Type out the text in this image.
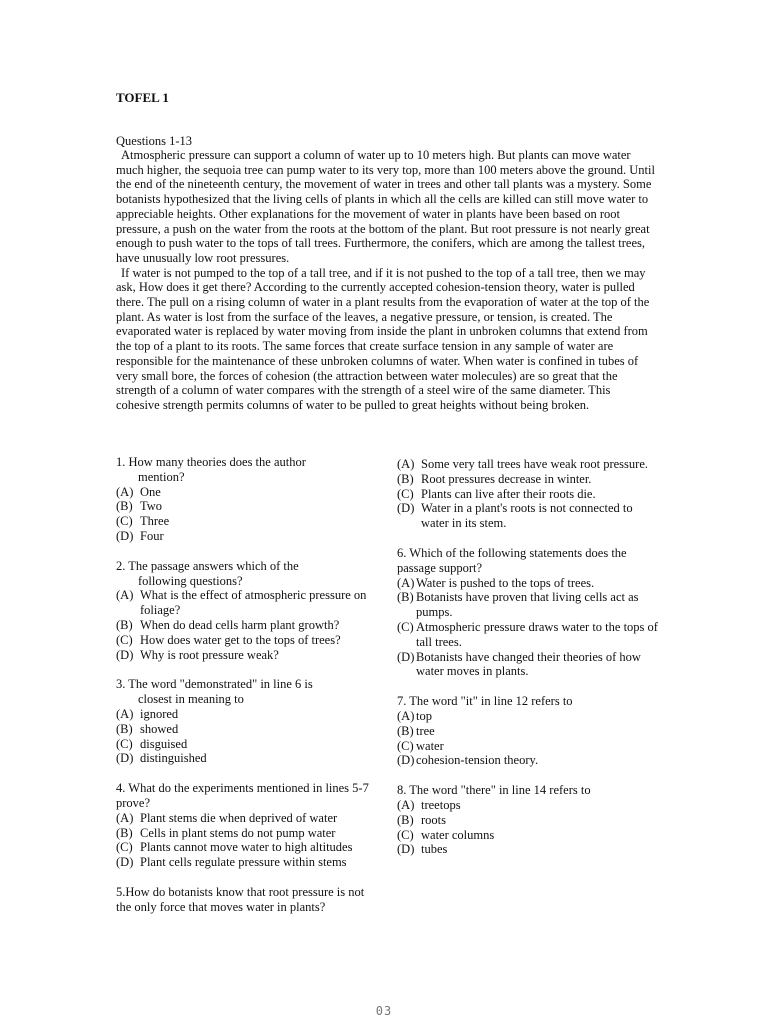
TOFEL 1
Questions 1-13

Atmospheric pressure can support a column of water up to 10 meters high. But plants can move water much higher, the sequoia tree can pump water to its very top, more than 100 meters above the ground. Until the end of the nineteenth century, the movement of water in trees and other tall plants was a mystery. Some botanists hypothesized that the living cells of plants in which all the cells are killed can still move water to appreciable heights. Other explanations for the movement of water in plants have been based on root pressure, a push on the water from the roots at the bottom of the plant. But root pressure is not nearly great enough to push water to the tops of tall trees. Furthermore, the conifers, which are among the tallest trees, have unusually low root pressures.

If water is not pumped to the top of a tall tree, and if it is not pushed to the top of a tall tree, then we may ask, How does it get there? According to the currently accepted cohesion-tension theory, water is pulled there. The pull on a rising column of water in a plant results from the evaporation of water at the top of the plant. As water is lost from the surface of the leaves, a negative pressure, or tension, is created. The evaporated water is replaced by water moving from inside the plant in unbroken columns that extend from the top of a plant to its roots. The same forces that create surface tension in any sample of water are responsible for the maintenance of these unbroken columns of water. When water is confined in tubes of very small bore, the forces of cohesion (the attraction between water molecules) are so great that the strength of a column of water compares with the strength of a steel wire of the same diameter. This cohesive strength permits columns of water to be pulled to great heights without being broken.

1. How many theories does the author
mention?
(A) One
(B) Two
(C) Three
(D) Four
2. The passage answers which of the
following questions?
(A) What is the effect of atmospheric pressure on foliage?
(B) When do dead cells harm plant growth?
(C) How does water get to the tops of trees?
(D) Why is root pressure weak?
3. The word "demonstrated" in line 6 is
closest in meaning to
(A) ignored
(B) showed
(C) disguised
(D) distinguished
4. What do the experiments mentioned in lines 5-7 prove?
(A) Plant stems die when deprived of water
(B) Cells in plant stems do not pump water
(C) Plants cannot move water to high altitudes
(D) Plant cells regulate pressure within stems
5.How do botanists know that root pressure is not the only force that moves water in plants?
(A) Some very tall trees have weak root pressure.
(B) Root pressures decrease in winter.
(C) Plants can live after their roots die.
(D) Water in a plant's roots is not connected to water in its stem.
6. Which of the following statements does the passage support?
(A) Water is pushed to the tops of trees.
(B) Botanists have proven that living cells act as pumps.
(C) Atmospheric pressure draws water to the tops of tall trees.
(D) Botanists have changed their theories of how water moves in plants.
7. The word "it" in line 12 refers to
(A) top
(B) tree
(C) water
(D) cohesion-tension theory.
8. The word "there" in line 14 refers to
(A) treetops
(B) roots
(C) water columns
(D) tubes
03
